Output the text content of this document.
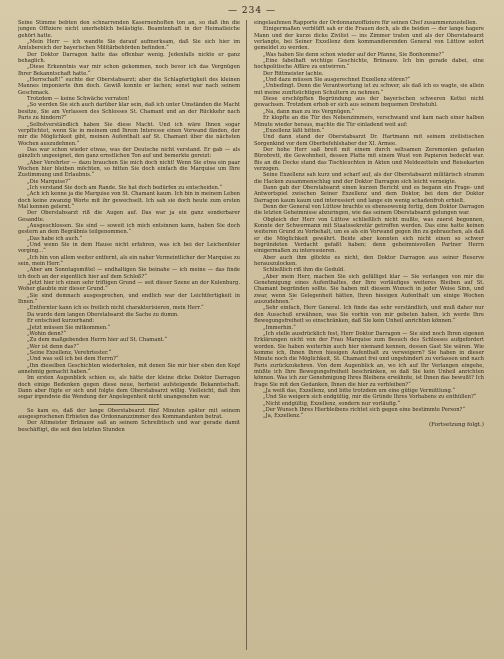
— 234 —

Seine Stimme bebten den schnarrenden Kasernenhoften ton an, so daß ihn die jungen Offiziere nicht unerheblich belästigte. Beamtenhaft in der Heimatleiche gehört hatte.

„Mein Herr — ich wandte Sie darauf aufmerksam, daß Sie sich hier im Amtsbereich der bayerischen Militärbehörden befinden.“

Der Doktor Darragon hatte das offenbar wenig. Jedenfalls nickte er ganz behaglich.

„Diese Erkenntnis war mir schon gekommen, noch bevor ich das Vergnügen Ihrer Bekanntschaft hatte.“

„Herrschaft!“ suchte der Oberstabsarzt; aber die Schlagfertigkeit des kleinen Mannes imponierte ihm doch. Gewiß konnte er lachen; sonst war nach seinem Geschmack.

Trotzdem — keine Schwäche verraten!

„So werden Sie sich auch darüber klar sein, daß ich unter Umständen die Macht besitze, Sie am Verlassen des Schlosses St. Chamant und an der Rückkehr nach Paris zu hindern?“

„Selbstverständlich haben Sie diese Macht. Und ich wäre Ihnen sogar verpflichtet, wenn Sie in meinem und Ihrem Interesse einen Vorwand fänden, der mir die Möglichkeit gibt, meinen Aufenthalt auf St. Chamant über die nächsten Wochen auszudehnen.“

Das war schon wieder etwas, was der Deutsche nicht verstand. Er gab — als gänzlich ungeeignet, den ganz ernstlichen Ton auf und bemerkte gereizt:

„Aber Verehrter — dazu brauchen Sie mich doch nicht! Wenn Sie etwa ein paar Wochen hier bleiben möchten, so bitten Sie doch einfach die Marquise um Ihre Zustimmung und Erlaubnis.“

„Die Marquise?“

„Ich verstand Sie doch am Rande. Sie hat doch bedürfen zu entscheiden.“

„Ach ich kenne ja die Marquise von St. Chamant kaum. Ich bin in meinem Leben doch keine zwanzig Worte mit ihr gewechselt. Ich sah sie doch heute zum ersten Mal kennen gelernt.“

Der Oberstabsarzt riß die Augen auf. Das war ja ein ganz sonderbarer Gesandte.

„Ausgeschlossen. Sie sind — soweit ich mich entsinnen kann, haben Sie doch gestern an dem Begräbnis teilgenommen.“

„Das habe ich auch.“

„Und wenn Sie in dem Hause nicht erfahren, was ich bei der Leichenfeier vorging...“

„Ich bin von allem weiter entfernt, als ein naher Vermeintlicher der Marquise zu sein, mein Herr.“

„Aber am Sonntagsmittel — endhaltigen Sie beinahe — ich meine — das finde ich doch an der eigentlich hier auf dem Schloß?“

„Jetzt hier ich einen sehr triftigen Grund — seit dieser Szene an der Kulenburg. Woher glaubte mir dieser Grund.“

„Sie sind demnach ausgesprochen, und endlich war der Leichtfertigkeit in Ihnen.“

„Entfernter kann ich es freilich nicht charakterisieren, mein Herr.“

Da wurde dem langen Oberstabsarzt die Sache zu dumm.

Er entschied kurzerhand:

„Jetzt müssen Sie mitkommen.“

„Wohin denn?“

„Zu dem maßgebenden Herrn hier auf St. Chamant.“

„Wer ist denn das?“

„Seine Exzellenz, Verehrtester.“

„Und was soll ich bei dem Herrn?“

„Ihn dieselben Geschichten wiederholen, mit denen Sie mir hier eben den Kopf annehmig gemacht haben.“

Im ersten Augenblick schien es, als hätte der kleine dicke Doktor Darragon doch einige Bedenken gegen diese neue, herbeist aufsteigende Bekanntschaft. Dann aber fügte er sich und folgte dem Oberstabsarzt willig. Vielleicht, daß ihm sogar irgendwie die Wendung der Angelegenheit nicht unangenehm war.

So kam es, daß der lange Oberstabsarzt fünf Minuten später mit seinem ausgesprochenen Erbieten das Ordonnanzzimmer des Kommandanten betrat.

Der Altmeister Brünauw saß an seinem Schreibtisch und war gerade damit beschäftigt, die seit den letzten Stunden

eingelaufenen Rapporte der Ordonnanzoffiziere für seinen Chef zusammenzustellen.

Einigermaßen verblüfft sah er die Frauen doch, als die beiden — der lange hagere Mann und der kurze dicke Zivilist — ins Zimmer traten und als der Oberstabsarzt verlangte, bei Seiner Exzellenz dem kommandierenden General von Lüttow sofort gemeldet zu werden.

„Was haben Sie denn schon wieder auf der Pfanne, Sie Bonhomme?“

„Eine fabelhaft wichtige Geschichte, Brünauw. Ich bin gerade dabei, eine hochpolitische Affäre zu entwirren.“

Der Rittmeister lachte.

„Und dazu müssen Sie ausgerechnet Exzellenz stören?“

„Unbedingt. Denn die Verantwortung ist zu schwer, als daß ich es wagte, sie allein mit meine zunftsüchtigen Schultern zu nehmen.“

Diese erschöpften Begründung aus der bayerischen schweren Kettei nicht gewachsen. Trotzdem erhob er sich aus seinem bequemen Drehstuhl.

„Na, dann man zu ins Vergnügen.“

Er klopfte an die Tür des Nebenzimmers, verschwand und kam nach einer halben Minute wieder heraus, machte die Tür einladend weit auf:

„Exzellenz läßt bitten.“

Und dann stand der Oberstabsarzt Dr. Hartmann mit seinem zivilistischen Sorgenkind vor dem Oberbefehlshaber der XI. Armee.

Der hohe Herr saß breit mit einem durch seltsamen Zeremonien gefasten Bürobrett, die Gewohnheit, dessen Platte mit einem Wust von Papieren bedeckt war. Bis an die Decke stand das Tischleuchten in Akten und Meldezetteln und Reisekarten verzogen.

Seine Exzellenz sah kurz und scharf auf, als der Oberstabsarzt militärisch stramm die Hacken zusammenschlug und der Doktor Darragon sich leicht verneigte.

Dann gab der Oberstabsarzt einen kurzen Bericht und es begann ein Frage- und Antwortspiel zwischen Seiner Exzellenz und dem Doktor, bei dem der Doktor Darragon kaum kaum und interessiert und lange ein wenig schadenfroh erhielt.

Denn der General von Lüttow brachte es ebensowenig fertig, dem Doktor Darragon die letzten Geheimnisse abzuringen, wie das seinem Oberstabsarzt gelungen war.

Obgleich der Herr von Lüttow schließlich nicht mußte, was zuerst begonnen, Konnte der Schwermann mit Staatssekretär getroffen werden. Das eine hatte keinen weiteren Grund zu Vorbehalt, um es als ein Vorwand gegen ihn zu gebrauchen, als daß er die Möglichkeit gewährt. Beide aber konnten sich nicht einen so schwer begründeten Verdacht gefaßt haben; denn geheimnisvollen Partner Herrn einigermaßen zu interessieren.

Aber auch ihm glückte es nicht, den Doktor Darragon aus seiner Reserve herauszulocken.

Schließlich riß ihm die Geduld.

„Aber mein Herr, machen Sie sich gefälligst klar — Sie verlangen von mir die Genehmigung eines Aufenthaltes, der Ihre vorläufiges weiteres Bleiben auf St. Chamant begründen sollte. Sie haben mit diesem Wunsch in jeder Weise Sinn, und zwar, wenn Sie Gelegenheit hätten, Ihren hiesigen Aufenthalt um einige Wochen auszudehnen.“

„Sehr einfach, Herr General. Ich finde das sehr verständlich, und muß daher nur den Ausschuß erwähnen, was Sie vorhin von mir gebeten haben, ich werde Ihre Bewegungsfreiheit so einschränken, daß Sie kein Unheil anrichten können.“

„Immerhin.“

„Ich stelle ausdrücklich fest, Herr Doktor Darragon — Sie sind noch Ihren eigenen Erklärungen nicht von der Frau Marquise zum Besuch des Schlosses aufgefordert worden. Sie haben weiterhin auch hier niemand kennen, dessen Gast Sie wären. Wie komme ich, Ihnen Ihren hiesigen Aufenthalt zu verweigern? Sie haben in dieser Minute noch die Möglichkeit, St. Chamant frei und ungehindert zu verlassen und nach Paris zurückzukehren. Von dem Augenblick an, wo ich auf Ihr Verlangen eingehe, müßte ich Ihre Bewegungsfreiheit beschränken, so daß Sie kein Unheil anrichten können. Was ich zur Genehmigung Ihres Bleibens erwähnte, ist Ihnen das bewußt? Ich frage Sie mit den Gedanken, Ihnen die hier zu verbleiben?“

„Ja weiß das, Exzellenz, und bitte trotzdem um eine gütige Vermittlung.“

„Und Sie weigern sich endgültig, mir die Gründe Ihres Vorhabens zu enthüllen?“

„Nicht endgültig, Exzellenz, sondern nur vorläufig.“

„Der Wunsch Ihres Hierbleibens richtet sich gegen eine bestimmte Person?“

„Ja, Exzellenz.“

(Fortsetzung folgt.)
